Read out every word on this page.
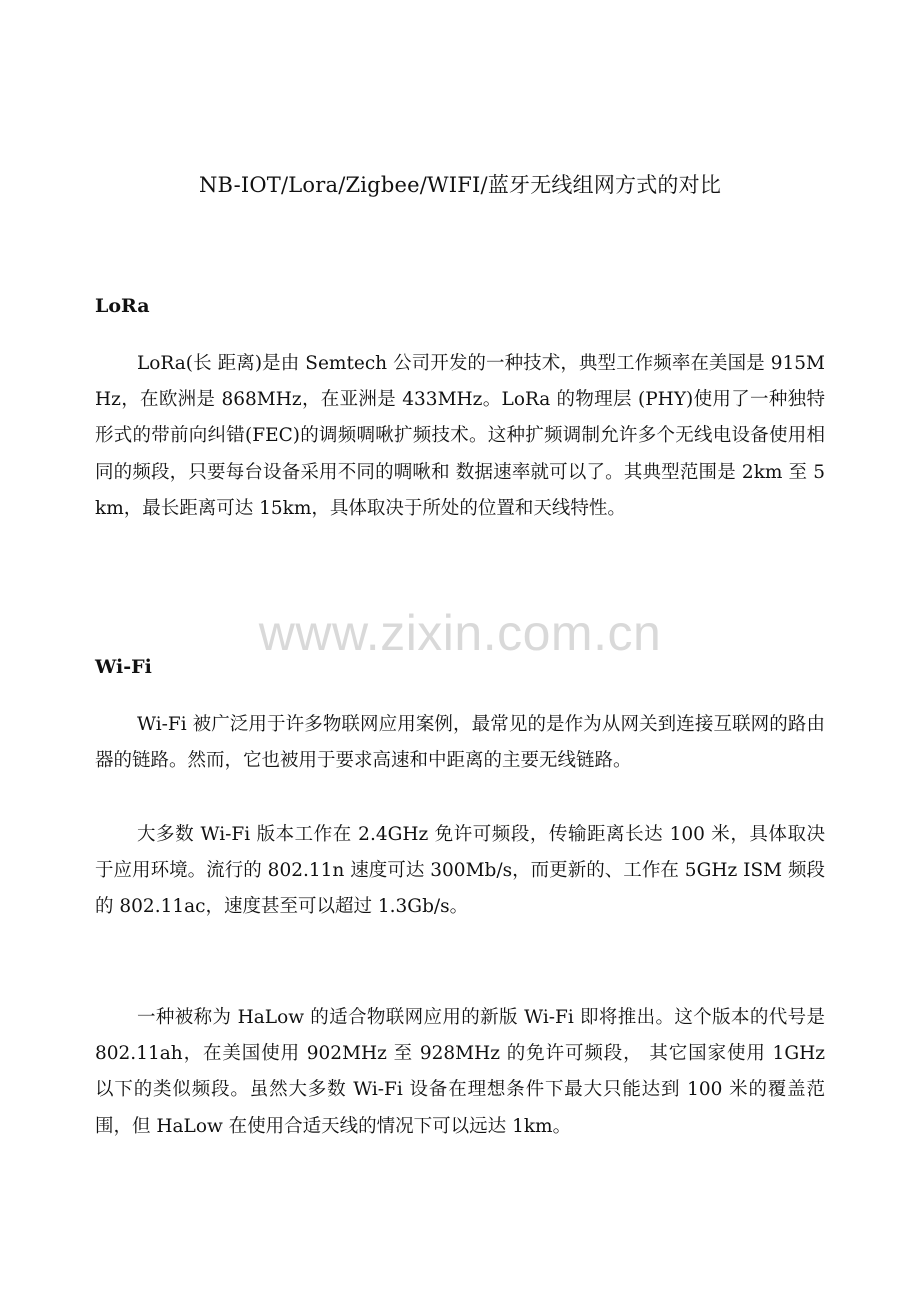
NB-IOT/Lora/Zigbee/WIFI/蓝牙无线组网方式的对比
LoRa

LoRa(长 距离)是由 Semtech 公司开发的一种技术，典型工作频率在美国是 915MHz，在欧洲是 868MHz，在亚洲是 433MHz。LoRa 的物理层 (PHY)使用了一种独特形式的带前向纠错(FEC)的调频啁啾扩频技术。这种扩频调制允许多个无线电设备使用相同的频段，只要每台设备采用不同的啁啾和 数据速率就可以了。其典型范围是 2km 至 5km，最长距离可达 15km，具体取决于所处的位置和天线特性。

www.zixin.com.cn
Wi-Fi

Wi-Fi 被广泛用于许多物联网应用案例，最常见的是作为从网关到连接互联网的路由器的链路。然而，它也被用于要求高速和中距离的主要无线链路。

大多数 Wi-Fi 版本工作在 2.4GHz 免许可频段，传输距离长达 100 米，具体取决于应用环境。流行的 802.11n 速度可达 300Mb/s，而更新的、工作在 5GHz ISM 频段的 802.11ac，速度甚至可以超过 1.3Gb/s。

一种被称为 HaLow 的适合物联网应用的新版 Wi-Fi 即将推出。这个版本的代号是 802.11ah，在美国使用 902MHz 至 928MHz 的免许可频段， 其它国家使用 1GHz 以下的类似频段。虽然大多数 Wi-Fi 设备在理想条件下最大只能达到 100 米的覆盖范围，但 HaLow 在使用合适天线的情况下可以远达 1km。
